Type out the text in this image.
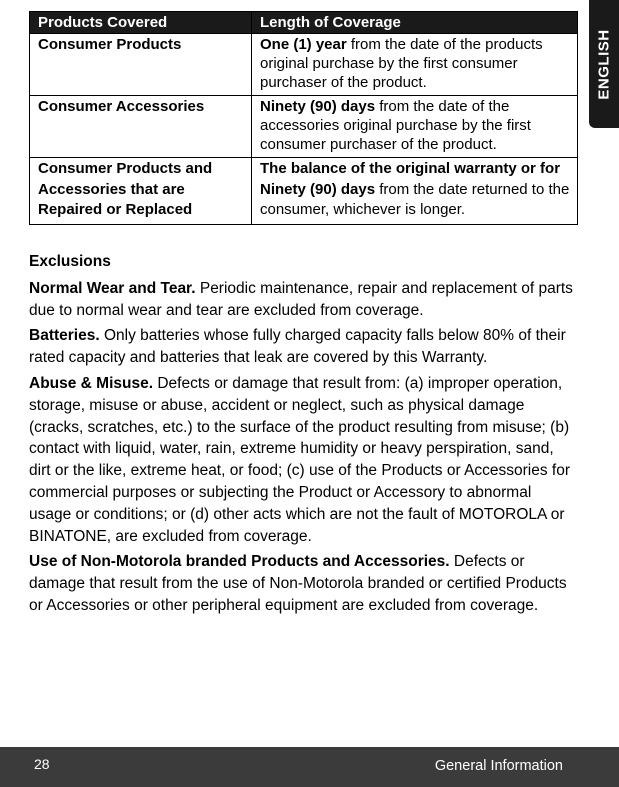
ENGLISH
Products Covered	Length of Coverage
Consumer Products	One (1) year from the date of the products original purchase by the first consumer purchaser of the product.
Consumer Accessories	Ninety (90) days from the date of the accessories original purchase by the first consumer purchaser of the product.
Consumer Products and Accessories that are Repaired or Replaced	The balance of the original warranty or for Ninety (90) days from the date returned to the consumer, whichever is longer.
Exclusions

Normal Wear and Tear. Periodic maintenance, repair and replacement of parts due to normal wear and tear are excluded from coverage.

Batteries. Only batteries whose fully charged capacity falls below 80% of their rated capacity and batteries that leak are covered by this Warranty.

Abuse & Misuse. Defects or damage that result from: (a) improper operation, storage, misuse or abuse, accident or neglect, such as physical damage (cracks, scratches, etc.) to the surface of the product resulting from misuse; (b) contact with liquid, water, rain, extreme humidity or heavy perspiration, sand, dirt or the like, extreme heat, or food; (c) use of the Products or Accessories for commercial purposes or subjecting the Product or Accessory to abnormal usage or conditions; or (d) other acts which are not the fault of MOTOROLA or BINATONE, are excluded from coverage.

Use of Non-Motorola branded Products and Accessories. Defects or damage that result from the use of Non-Motorola branded or certified Products or Accessories or other peripheral equipment are excluded from coverage.

28	General Information
